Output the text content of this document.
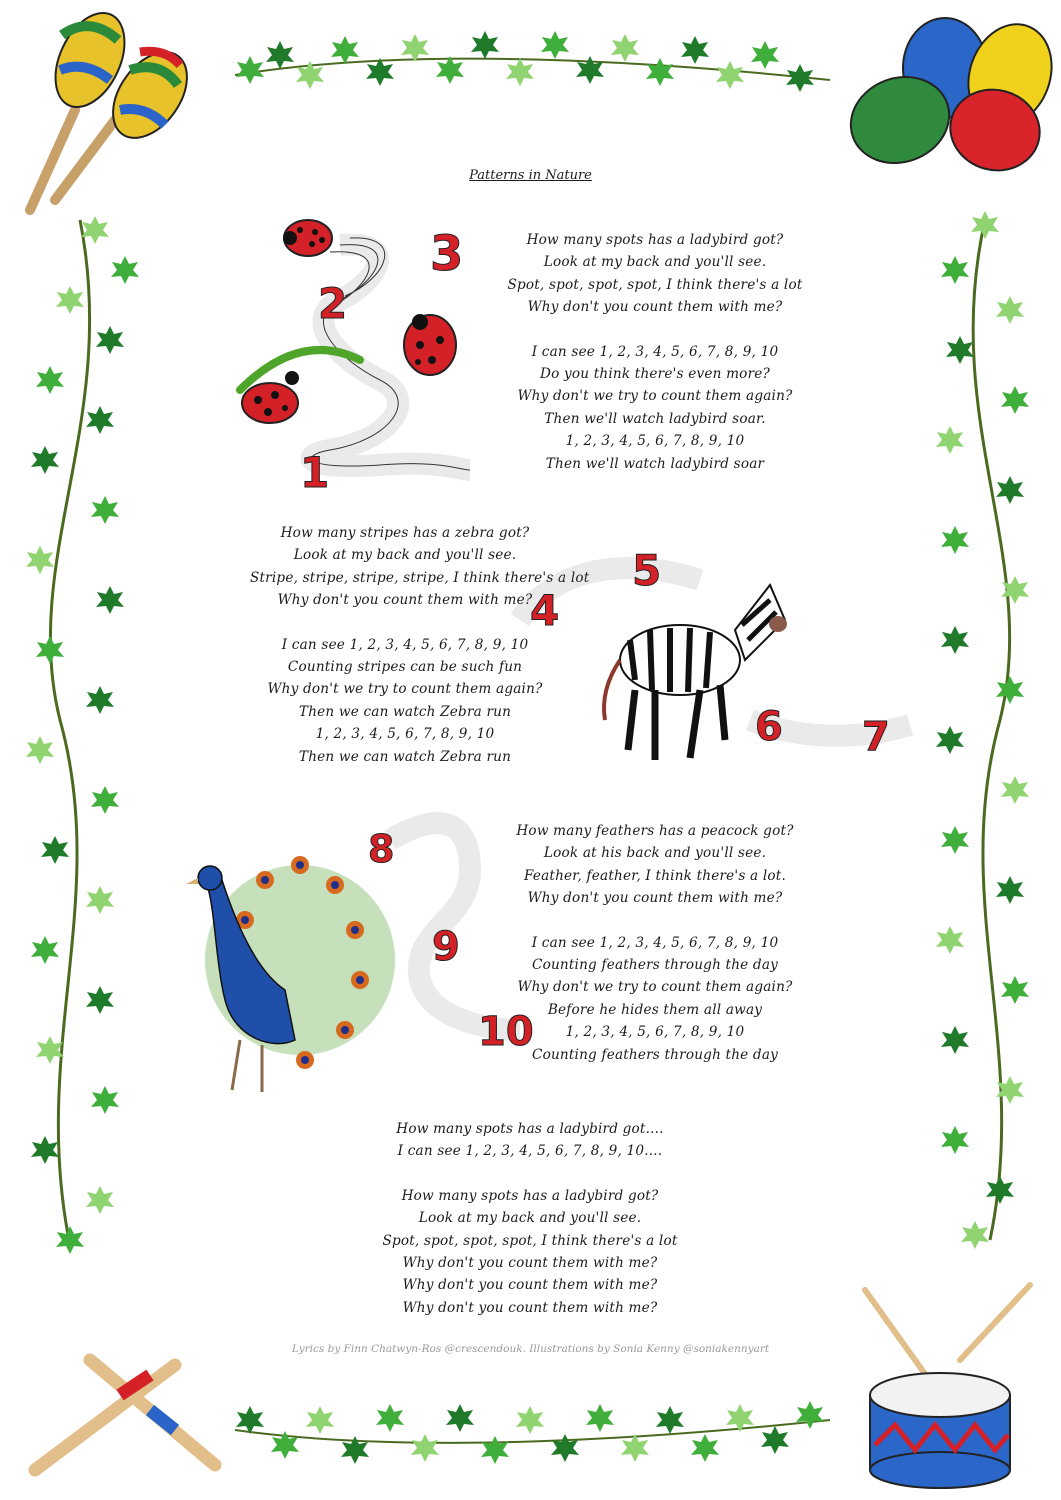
Patterns in Nature
How many spots has a ladybird got?
Look at my back and you'll see.
Spot, spot, spot, spot, I think there's a lot
Why don't you count them with me?
I can see 1, 2, 3, 4, 5, 6, 7, 8, 9, 10
Do you think there's even more?
Why don't we try to count them again?
Then we'll watch ladybird soar.
1, 2, 3, 4, 5, 6, 7, 8, 9, 10
Then we'll watch ladybird soar
How many stripes has a zebra got?
Look at my back and you'll see.
Stripe, stripe, stripe, stripe, I think there's a lot
Why don't you count them with me?
I can see 1, 2, 3, 4, 5, 6, 7, 8, 9, 10
Counting stripes can be such fun
Why don't we try to count them again?
Then we can watch Zebra run
1, 2, 3, 4, 5, 6, 7, 8, 9, 10
Then we can watch Zebra run
How many feathers has a peacock got?
Look at his back and you'll see.
Feather, feather, I think there's a lot.
Why don't you count them with me?
I can see 1, 2, 3, 4, 5, 6, 7, 8, 9, 10
Counting feathers through the day
Why don't we try to count them again?
Before he hides them all away
1, 2, 3, 4, 5, 6, 7, 8, 9, 10
Counting feathers through the day
How many spots has a ladybird got....
I can see 1, 2, 3, 4, 5, 6, 7, 8, 9, 10....
How many spots has a ladybird got?
Look at my back and you'll see.
Spot, spot, spot, spot, I think there's a lot
Why don't you count them with me?
Why don't you count them with me?
Why don't you count them with me?
Lyrics by Finn Chatwyn-Ros @crescendouk. Illustrations by Sonia Kenny @soniakennyart
1
2
3
4
5
6 7
8
9
10
